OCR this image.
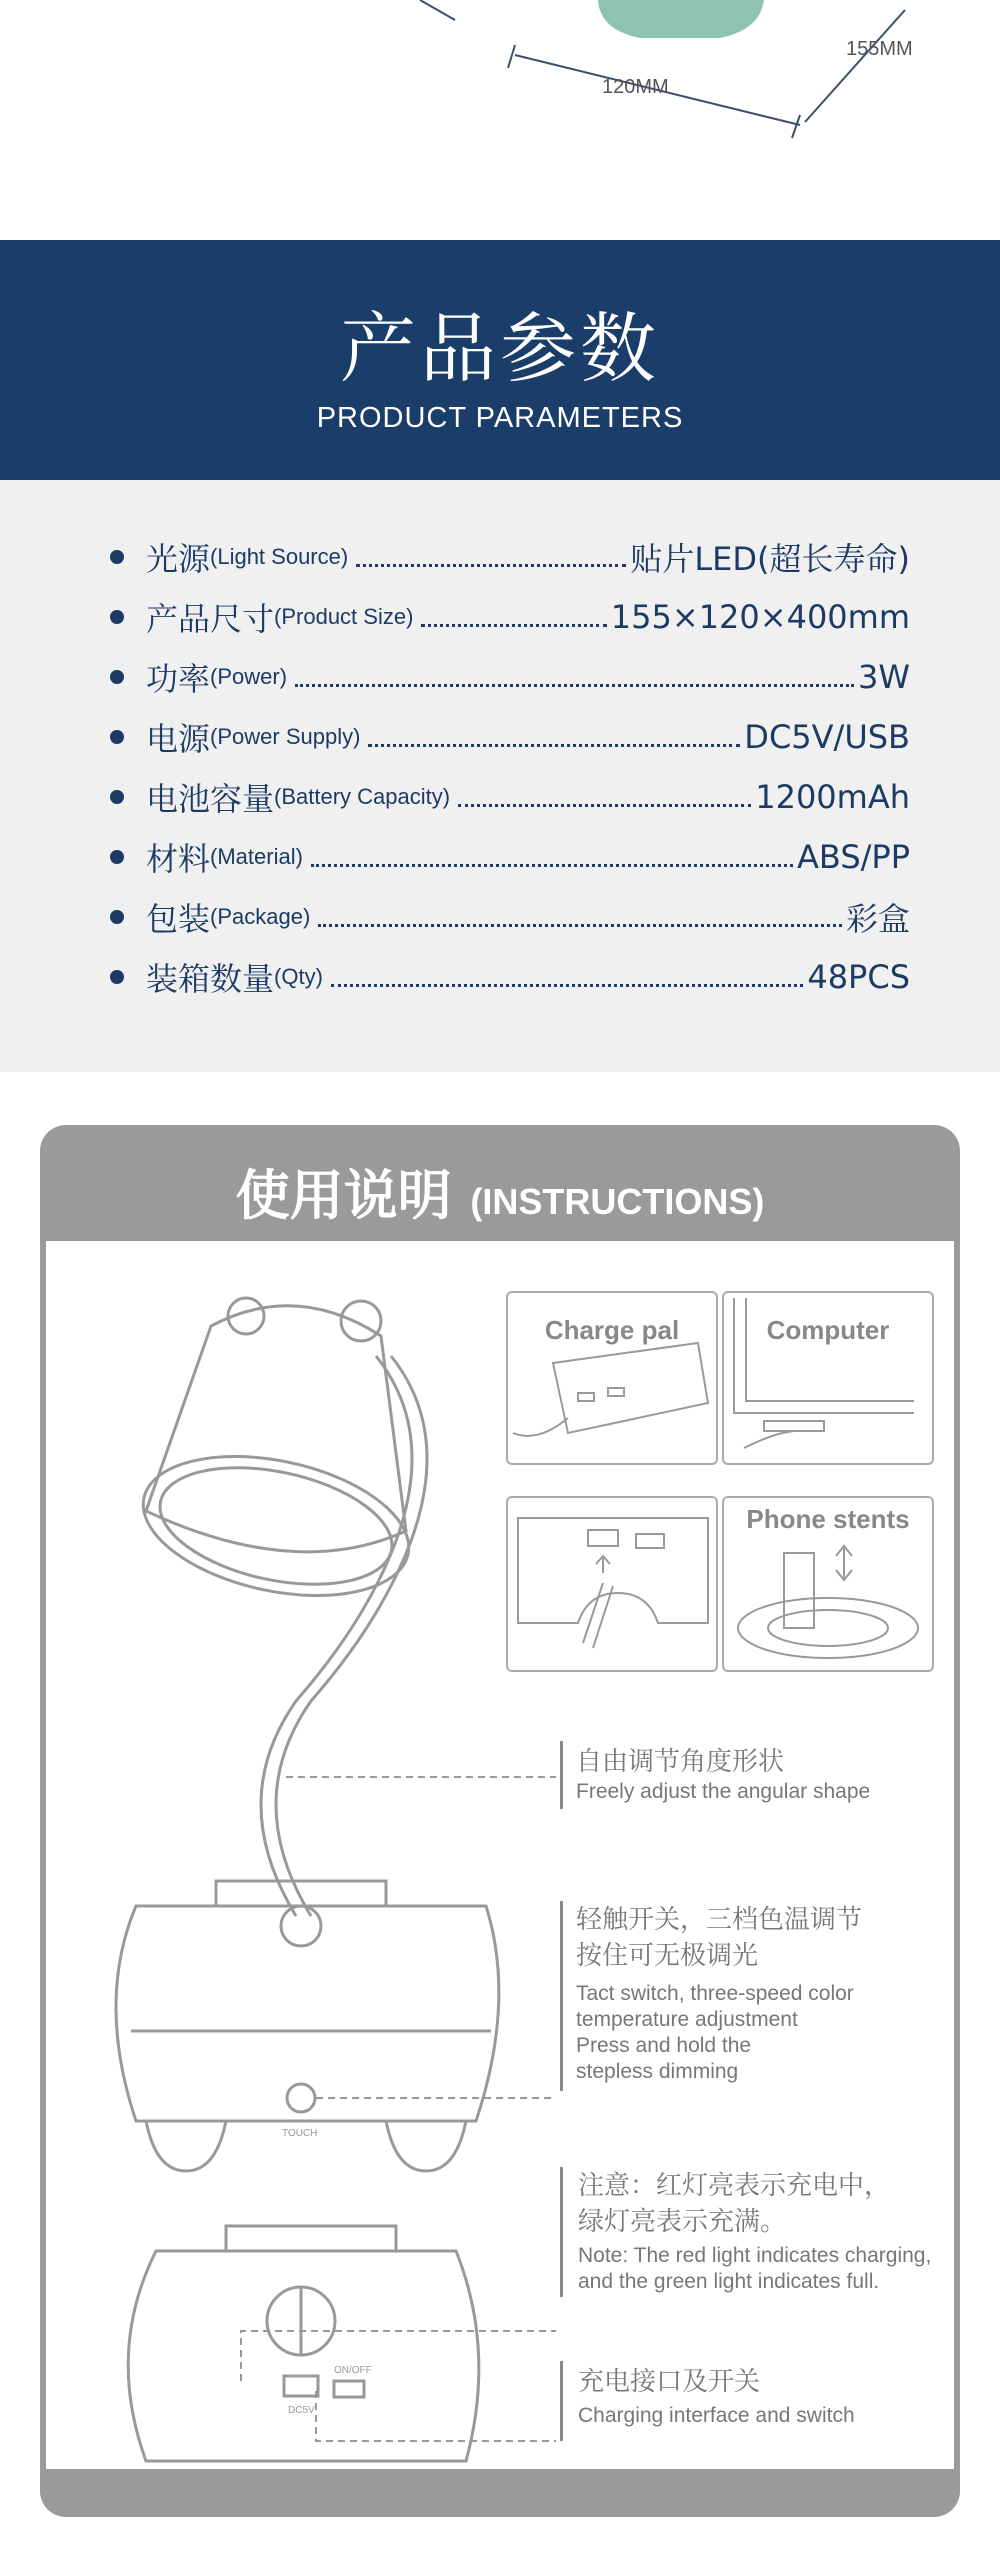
155MM
120MM
产品参数
PRODUCT PARAMETERS
光源 (Light Source)	贴片LED(超长寿命)
产品尺寸 (Product Size)	155×120×400mm
功率 (Power)	3W
电源 (Power Supply)	DC5V/USB
电池容量 (Battery Capacity)	1200mAh
材料 (Material)	ABS/PP
包装 (Package)	彩盒
装箱数量 (Qty)	48PCS
使用说明 (INSTRUCTIONS)
TOUCH
DC5V
ON/OFF
Charge pal	Computer
Phone stents
自由调节角度形状
Freely adjust the angular shape
轻触开关，三档色温调节
按住可无极调光
Tact switch, three-speed color
temperature adjustment
Press and hold the
stepless dimming
注意：红灯亮表示充电中，
绿灯亮表示充满。
Note: The red light indicates charging,
and the green light indicates full.
充电接口及开关
Charging interface and switch
